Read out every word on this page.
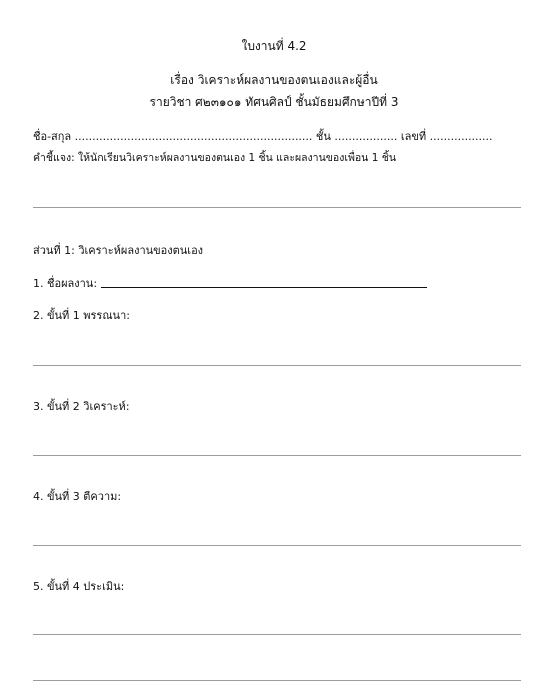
ใบงานที่ 4.2
เรื่อง วิเคราะห์ผลงานของตนเองและผู้อื่น
รายวิชา ศ๒๓๑๐๑ ทัศนศิลป์ ชั้นมัธยมศึกษาปีที่ 3
ชื่อ-สกุล .................................................................... ชั้น .................. เลขที่ ..................
คำชี้แจง: ให้นักเรียนวิเคราะห์ผลงานของตนเอง 1 ชิ้น และผลงานของเพื่อน 1 ชิ้น
ส่วนที่ 1: วิเคราะห์ผลงานของตนเอง
1. ชื่อผลงาน:
2. ขั้นที่ 1 พรรณนา:
3. ขั้นที่ 2 วิเคราะห์:
4. ขั้นที่ 3 ตีความ:
5. ขั้นที่ 4 ประเมิน:
